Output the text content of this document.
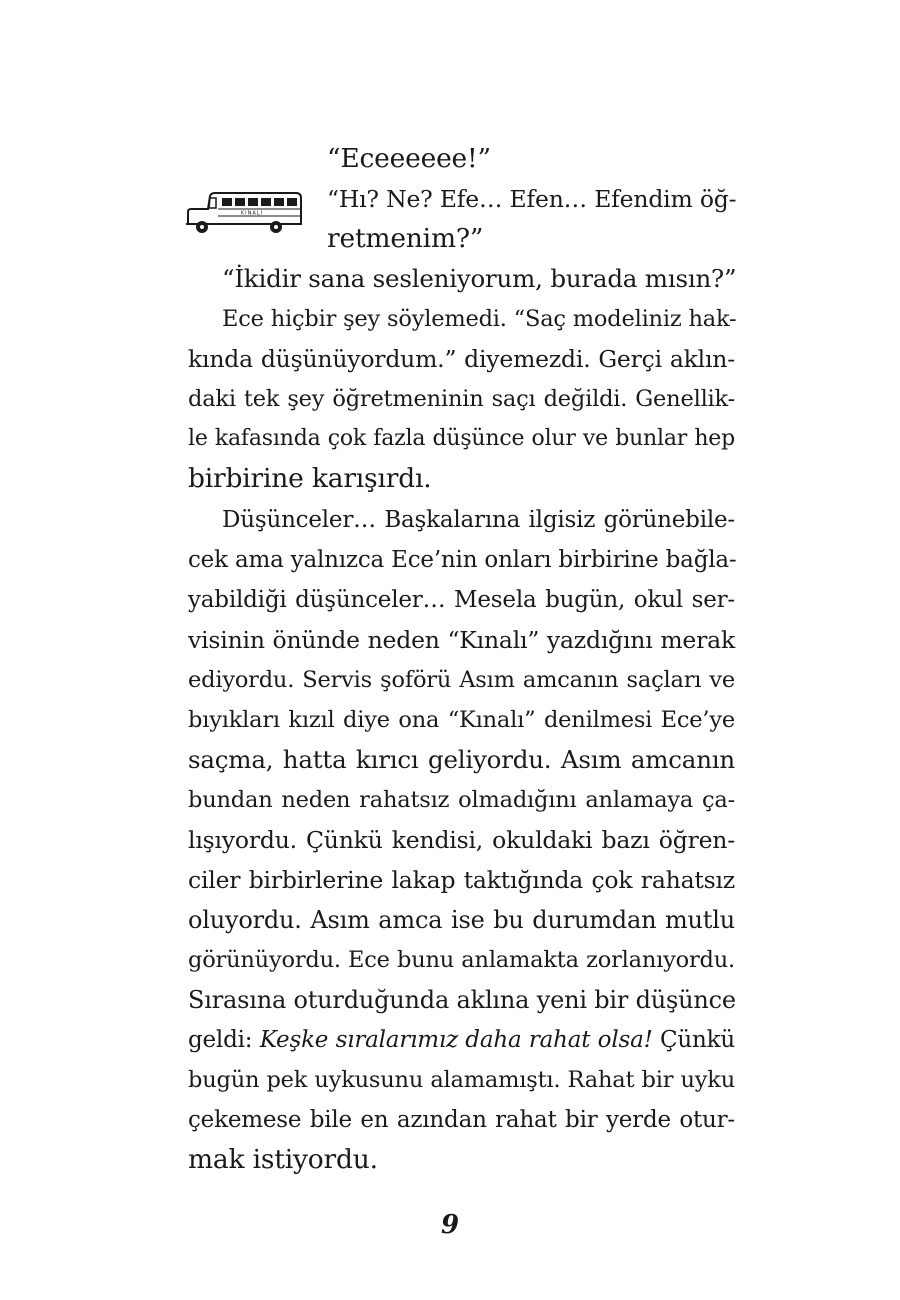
KINALI
“Eceeeeee!”
“Hı? Ne? Efe… Efen… Efendim öğ-
retmenim?”
“İkidir sana sesleniyorum, burada mısın?”
Ece hiçbir şey söylemedi. “Saç modeliniz hak-
kında düşünüyordum.” diyemezdi. Gerçi aklın-
daki tek şey öğretmeninin saçı değildi. Genellik-
le kafasında çok fazla düşünce olur ve bunlar hep
birbirine karışırdı.
Düşünceler… Başkalarına ilgisiz görünebile-
cek ama yalnızca Ece’nin onları birbirine bağla-
yabildiği düşünceler… Mesela bugün, okul ser-
visinin önünde neden “Kınalı” yazdığını merak
ediyordu. Servis şoförü Asım amcanın saçları ve
bıyıkları kızıl diye ona “Kınalı” denilmesi Ece’ye
saçma, hatta kırıcı geliyordu. Asım amcanın
bundan neden rahatsız olmadığını anlamaya ça-
lışıyordu. Çünkü kendisi, okuldaki bazı öğren-
ciler birbirlerine lakap taktığında çok rahatsız
oluyordu. Asım amca ise bu durumdan mutlu
görünüyordu. Ece bunu anlamakta zorlanıyordu.
Sırasına oturduğunda aklına yeni bir düşünce
geldi: Keşke sıralarımız daha rahat olsa! Çünkü
bugün pek uykusunu alamamıştı. Rahat bir uyku
çekemese bile en azından rahat bir yerde otur-
mak istiyordu.
9
